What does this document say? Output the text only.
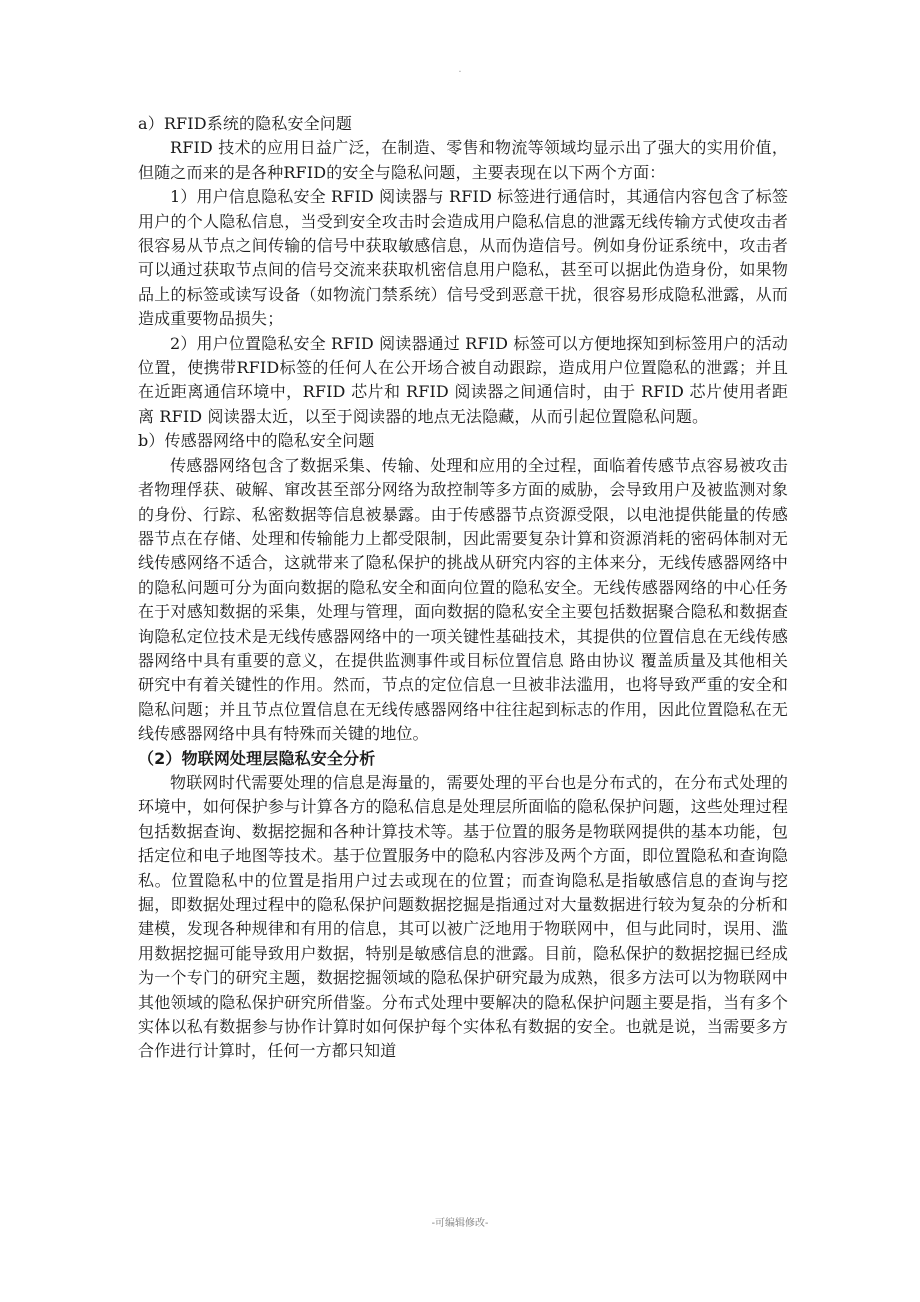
.

a）RFID系统的隐私安全问题

RFID 技术的应用日益广泛，在制造、零售和物流等领域均显示出了强大的实用价值，但随之而来的是各种RFID的安全与隐私问题，主要表现在以下两个方面：

1）用户信息隐私安全 RFID 阅读器与 RFID 标签进行通信时，其通信内容包含了标签用户的个人隐私信息，当受到安全攻击时会造成用户隐私信息的泄露无线传输方式使攻击者很容易从节点之间传输的信号中获取敏感信息，从而伪造信号。例如身份证系统中，攻击者可以通过获取节点间的信号交流来获取机密信息用户隐私，甚至可以据此伪造身份，如果物品上的标签或读写设备（如物流门禁系统）信号受到恶意干扰，很容易形成隐私泄露，从而造成重要物品损失；

2）用户位置隐私安全 RFID 阅读器通过 RFID 标签可以方便地探知到标签用户的活动位置，使携带RFID标签的任何人在公开场合被自动跟踪，造成用户位置隐私的泄露；并且在近距离通信环境中，RFID 芯片和 RFID 阅读器之间通信时，由于 RFID 芯片使用者距离 RFID 阅读器太近，以至于阅读器的地点无法隐藏，从而引起位置隐私问题。

b）传感器网络中的隐私安全问题

传感器网络包含了数据采集、传输、处理和应用的全过程，面临着传感节点容易被攻击者物理俘获、破解、窜改甚至部分网络为敌控制等多方面的威胁，会导致用户及被监测对象的身份、行踪、私密数据等信息被暴露。由于传感器节点资源受限，以电池提供能量的传感器节点在存储、处理和传输能力上都受限制，因此需要复杂计算和资源消耗的密码体制对无线传感网络不适合，这就带来了隐私保护的挑战从研究内容的主体来分，无线传感器网络中的隐私问题可分为面向数据的隐私安全和面向位置的隐私安全。无线传感器网络的中心任务在于对感知数据的采集，处理与管理，面向数据的隐私安全主要包括数据聚合隐私和数据查询隐私定位技术是无线传感器网络中的一项关键性基础技术，其提供的位置信息在无线传感器网络中具有重要的意义，在提供监测事件或目标位置信息 路由协议 覆盖质量及其他相关研究中有着关键性的作用。然而，节点的定位信息一旦被非法滥用，也将导致严重的安全和隐私问题；并且节点位置信息在无线传感器网络中往往起到标志的作用，因此位置隐私在无线传感器网络中具有特殊而关键的地位。

（2）物联网处理层隐私安全分析

物联网时代需要处理的信息是海量的，需要处理的平台也是分布式的，在分布式处理的环境中，如何保护参与计算各方的隐私信息是处理层所面临的隐私保护问题，这些处理过程包括数据查询、数据挖掘和各种计算技术等。基于位置的服务是物联网提供的基本功能，包括定位和电子地图等技术。基于位置服务中的隐私内容涉及两个方面，即位置隐私和查询隐私。位置隐私中的位置是指用户过去或现在的位置；而查询隐私是指敏感信息的查询与挖掘，即数据处理过程中的隐私保护问题数据挖掘是指通过对大量数据进行较为复杂的分析和建模，发现各种规律和有用的信息，其可以被广泛地用于物联网中，但与此同时，误用、滥用数据挖掘可能导致用户数据，特别是敏感信息的泄露。目前，隐私保护的数据挖掘已经成为一个专门的研究主题，数据挖掘领域的隐私保护研究最为成熟，很多方法可以为物联网中其他领域的隐私保护研究所借鉴。分布式处理中要解决的隐私保护问题主要是指，当有多个实体以私有数据参与协作计算时如何保护每个实体私有数据的安全。也就是说，当需要多方合作进行计算时，任何一方都只知道

-可编辑修改-
